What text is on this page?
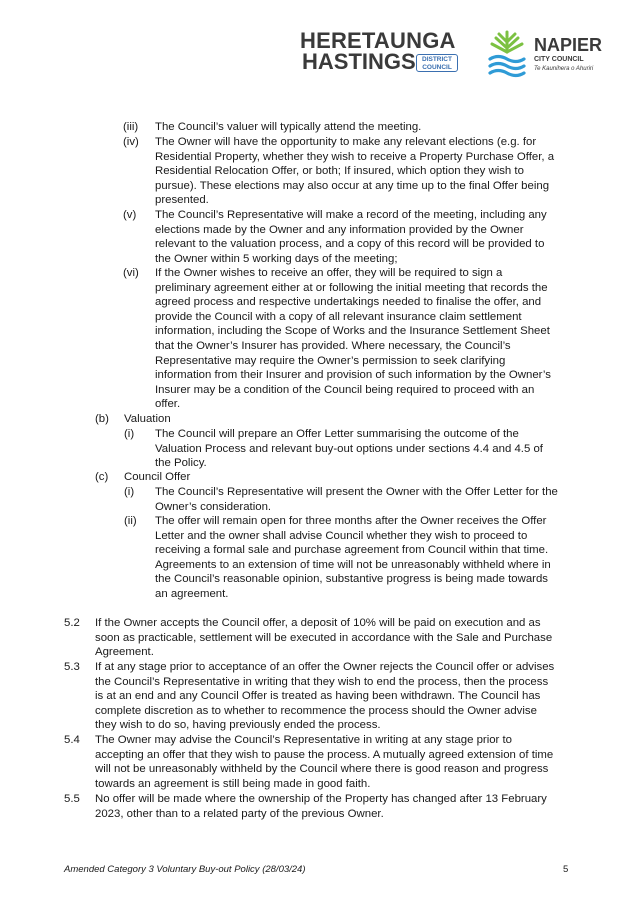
HERETAUNGA
HASTINGS DISTRICT
COUNCIL
NAPIER
CITY COUNCIL
Te Kaunihera o Ahuriri
(iii) The Council’s valuer will typically attend the meeting.
(iv) The Owner will have the opportunity to make any relevant elections (e.g. for
Residential Property, whether they wish to receive a Property Purchase Offer, a
Residential Relocation Offer, or both; If insured, which option they wish to
pursue). These elections may also occur at any time up to the final Offer being
presented.
(v) The Council’s Representative will make a record of the meeting, including any
elections made by the Owner and any information provided by the Owner
relevant to the valuation process, and a copy of this record will be provided to
the Owner within 5 working days of the meeting;
(vi) If the Owner wishes to receive an offer, they will be required to sign a
preliminary agreement either at or following the initial meeting that records the
agreed process and respective undertakings needed to finalise the offer, and
provide the Council with a copy of all relevant insurance claim settlement
information, including the Scope of Works and the Insurance Settlement Sheet
that the Owner’s Insurer has provided. Where necessary, the Council’s
Representative may require the Owner’s permission to seek clarifying
information from their Insurer and provision of such information by the Owner’s
Insurer may be a condition of the Council being required to proceed with an
offer.
(b) Valuation
(i) The Council will prepare an Offer Letter summarising the outcome of the
Valuation Process and relevant buy-out options under sections 4.4 and 4.5 of
the Policy.
(c) Council Offer
(i) The Council’s Representative will present the Owner with the Offer Letter for the
Owner’s consideration.
(ii) The offer will remain open for three months after the Owner receives the Offer
Letter and the owner shall advise Council whether they wish to proceed to
receiving a formal sale and purchase agreement from Council within that time.
Agreements to an extension of time will not be unreasonably withheld where in
the Council’s reasonable opinion, substantive progress is being made towards
an agreement.
5.2 If the Owner accepts the Council offer, a deposit of 10% will be paid on execution and as
soon as practicable, settlement will be executed in accordance with the Sale and Purchase
Agreement.
5.3 If at any stage prior to acceptance of an offer the Owner rejects the Council offer or advises
the Council’s Representative in writing that they wish to end the process, then the process
is at an end and any Council Offer is treated as having been withdrawn. The Council has
complete discretion as to whether to recommence the process should the Owner advise
they wish to do so, having previously ended the process.
5.4 The Owner may advise the Council’s Representative in writing at any stage prior to
accepting an offer that they wish to pause the process. A mutually agreed extension of time
will not be unreasonably withheld by the Council where there is good reason and progress
towards an agreement is still being made in good faith.
5.5 No offer will be made where the ownership of the Property has changed after 13 February
2023, other than to a related party of the previous Owner.
Amended Category 3 Voluntary Buy-out Policy (28/03/24)	5
